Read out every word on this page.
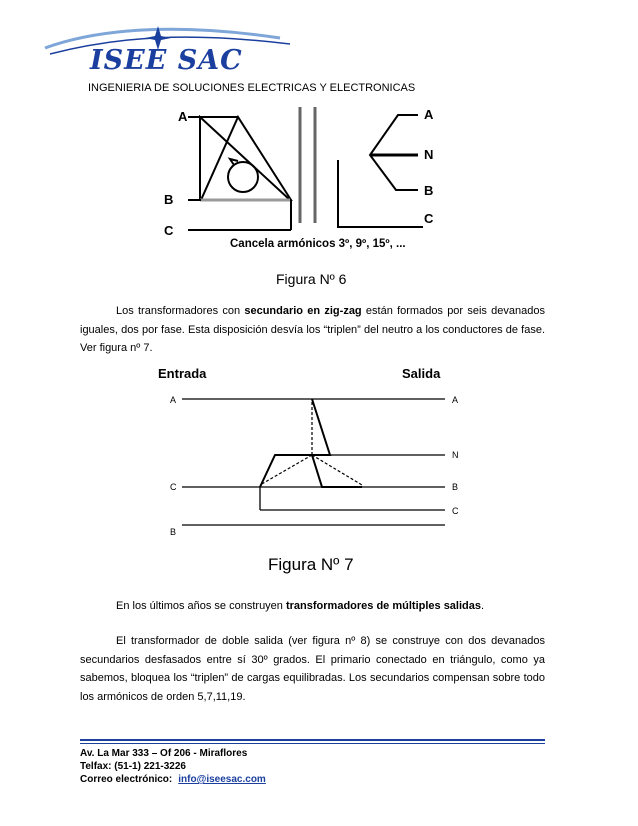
ISEE SAC
INGENIERIA DE SOLUCIONES ELECTRICAS Y ELECTRONICAS
A
B
C
A
N
B
C
Cancela armónicos 3º, 9º, 15º, ...
Figura Nº 6
Los transformadores con secundario en zig-zag están formados por seis devanados iguales, dos por fase. Esta disposición desvía los “triplen” del neutro a los conductores de fase. Ver figura nº 7.
Entrada	Salida
A
C
B
A
N
B
C
Figura Nº 7
En los últimos años se construyen transformadores de múltiples salidas.
El transformador de doble salida (ver figura nº 8) se construye con dos devanados secundarios desfasados entre sí 30º grados. El primario conectado en triángulo, como ya sabemos, bloquea los “triplen” de cargas equilibradas. Los secundarios compensan sobre todo los armónicos de orden 5,7,11,19.
Av. La Mar 333 – Of 206 - Miraflores
Telfax: (51-1) 221-3226
Correo electrónico: info@iseesac.com
